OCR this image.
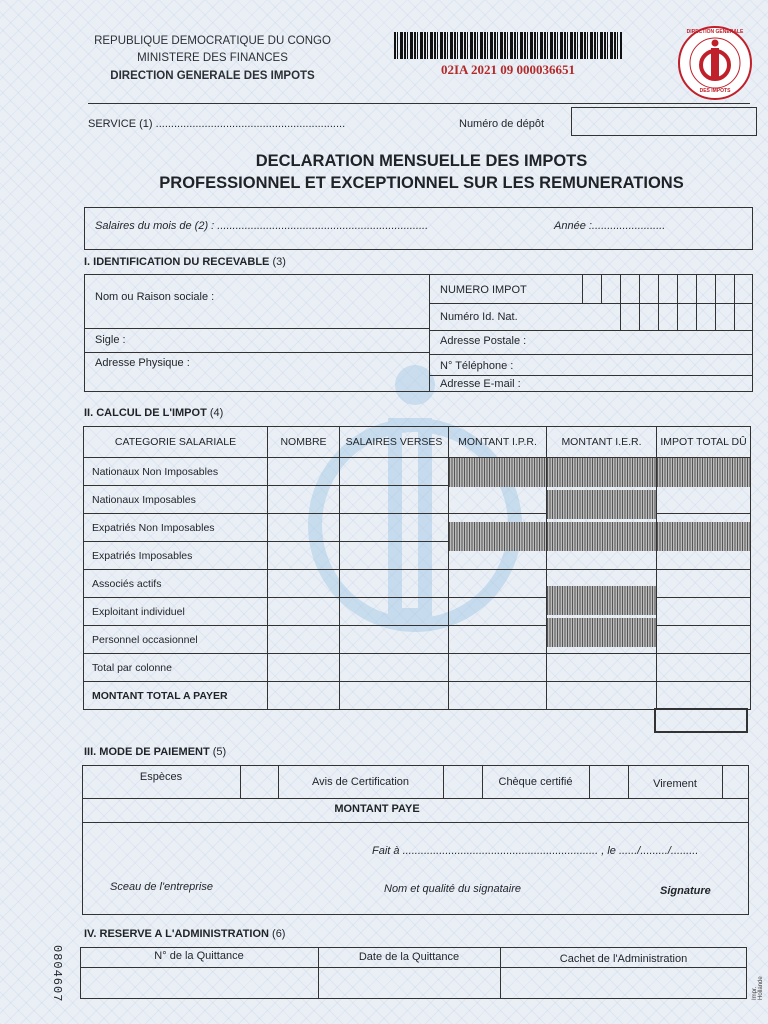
REPUBLIQUE DEMOCRATIQUE DU CONGO
MINISTERE DES FINANCES
DIRECTION GENERALE DES IMPOTS	02IA 2021 09 000036651
DIRECTION GENERALE
DES IMPOTS
SERVICE (1) ..............................................................	Numéro de dépôt
DECLARATION MENSUELLE DES IMPOTS
PROFESSIONNEL ET EXCEPTIONNEL SUR LES REMUNERATIONS
Salaires du mois de (2) : .....................................................................	Année :........................
I. IDENTIFICATION DU RECEVABLE (3)
Nom ou Raison sociale :
NUMERO IMPOT
Numéro Id. Nat.
Sigle :	Adresse Postale :
Adresse Physique :	N° Téléphone :
Adresse E-mail :
II. CALCUL DE L'IMPOT (4)
CATEGORIE SALARIALE	NOMBRE	SALAIRES VERSES	MONTANT I.P.R.	MONTANT I.E.R.	IMPOT TOTAL DÛ
Nationaux Non Imposables					
Nationaux Imposables					
Expatriés Non Imposables					
Expatriés Imposables					
Associés actifs					
Exploitant individuel					
Personnel occasionnel					
Total par colonne					
MONTANT TOTAL A PAYER					
III. MODE DE PAIEMENT (5)
Espèces	Avis de Certification	Chèque certifié	Virement
MONTANT PAYE
Fait à ................................................................ , le ....../........./.........
Sceau de l'entreprise	Nom et qualité du signataire	Signature
IV. RESERVE A L'ADMINISTRATION (6)
N° de la Quittance	Date de la Quittance	Cachet de l'Administration
0804607	Impr. Hollande
